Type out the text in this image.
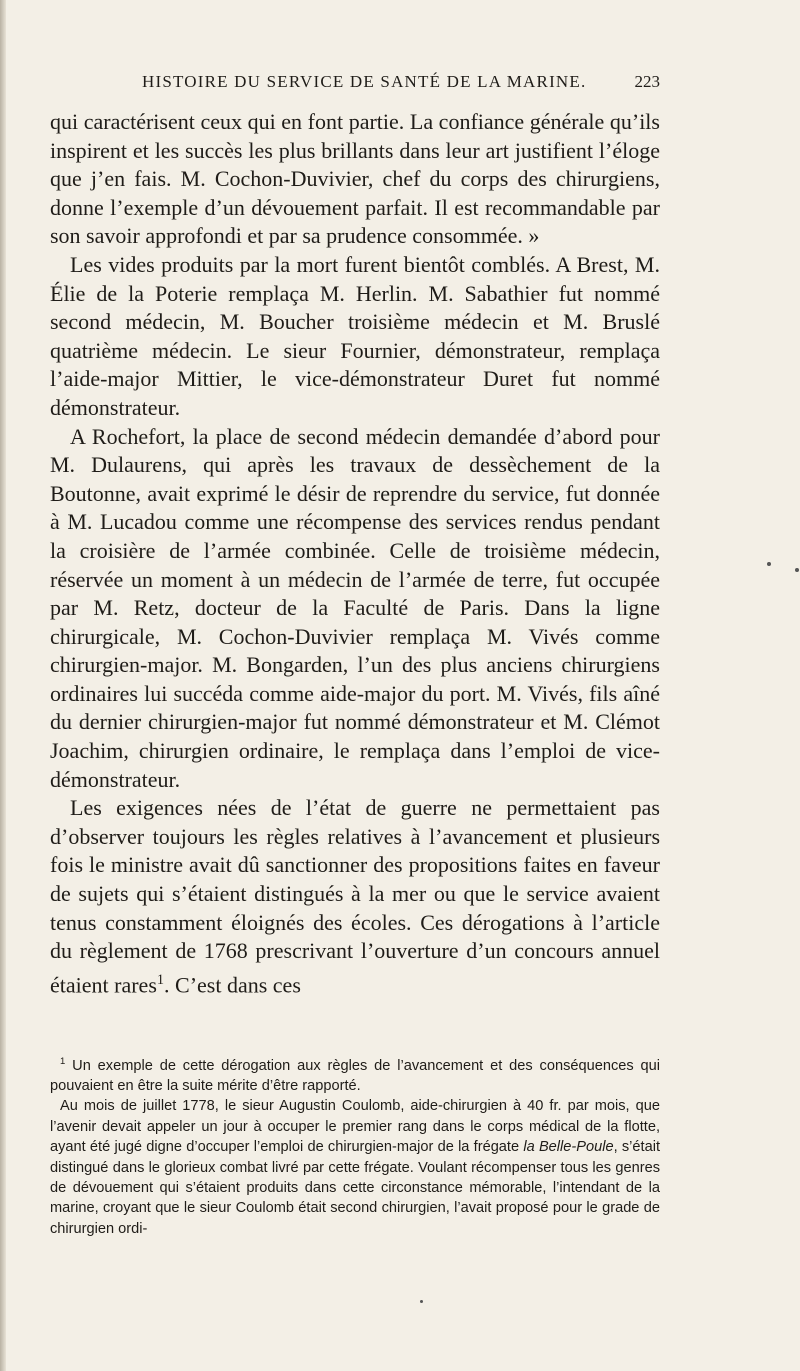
HISTOIRE DU SERVICE DE SANTÉ DE LA MARINE.	223

qui caractérisent ceux qui en font partie. La confiance générale qu’ils inspirent et les succès les plus brillants dans leur art justifient l’éloge que j’en fais. M. Cochon-Duvivier, chef du corps des chirurgiens, donne l’exemple d’un dévouement parfait. Il est recommandable par son savoir approfondi et par sa prudence consommée. »

Les vides produits par la mort furent bientôt comblés. A Brest, M. Élie de la Poterie remplaça M. Herlin. M. Sabathier fut nommé second médecin, M. Boucher troisième médecin et M. Bruslé quatrième médecin. Le sieur Fournier, démonstrateur, remplaça l’aide-major Mittier, le vice-démonstrateur Duret fut nommé démonstrateur.

A Rochefort, la place de second médecin demandée d’abord pour M. Dulaurens, qui après les travaux de dessèchement de la Boutonne, avait exprimé le désir de reprendre du service, fut donnée à M. Lucadou comme une récompense des services rendus pendant la croisière de l’armée combinée. Celle de troisième médecin, réservée un moment à un médecin de l’armée de terre, fut occupée par M. Retz, docteur de la Faculté de Paris. Dans la ligne chirurgicale, M. Cochon-Duvivier remplaça M. Vivés comme chirurgien-major. M. Bongarden, l’un des plus anciens chirurgiens ordinaires lui succéda comme aide-major du port. M. Vivés, fils aîné du dernier chirurgien-major fut nommé démonstrateur et M. Clémot Joachim, chirurgien ordinaire, le remplaça dans l’emploi de vice-démonstrateur.

Les exigences nées de l’état de guerre ne permettaient pas d’observer toujours les règles relatives à l’avancement et plusieurs fois le ministre avait dû sanctionner des propositions faites en faveur de sujets qui s’étaient distingués à la mer ou que le service avaient tenus constamment éloignés des écoles. Ces dérogations à l’article du règlement de 1768 prescrivant l’ouverture d’un concours annuel étaient rares$^1$. C’est dans ces

$^1$ Un exemple de cette dérogation aux règles de l’avancement et des conséquences qui pouvaient en être la suite mérite d’être rapporté.

Au mois de juillet 1778, le sieur Augustin Coulomb, aide-chirurgien à 40 fr. par mois, que l’avenir devait appeler un jour à occuper le premier rang dans le corps médical de la flotte, ayant été jugé digne d’occuper l’emploi de chirurgien-major de la frégate la Belle-Poule, s’était distingué dans le glorieux combat livré par cette frégate. Voulant récompenser tous les genres de dévouement qui s’étaient produits dans cette circonstance mémorable, l’intendant de la marine, croyant que le sieur Coulomb était second chirurgien, l’avait proposé pour le grade de chirurgien ordi-
